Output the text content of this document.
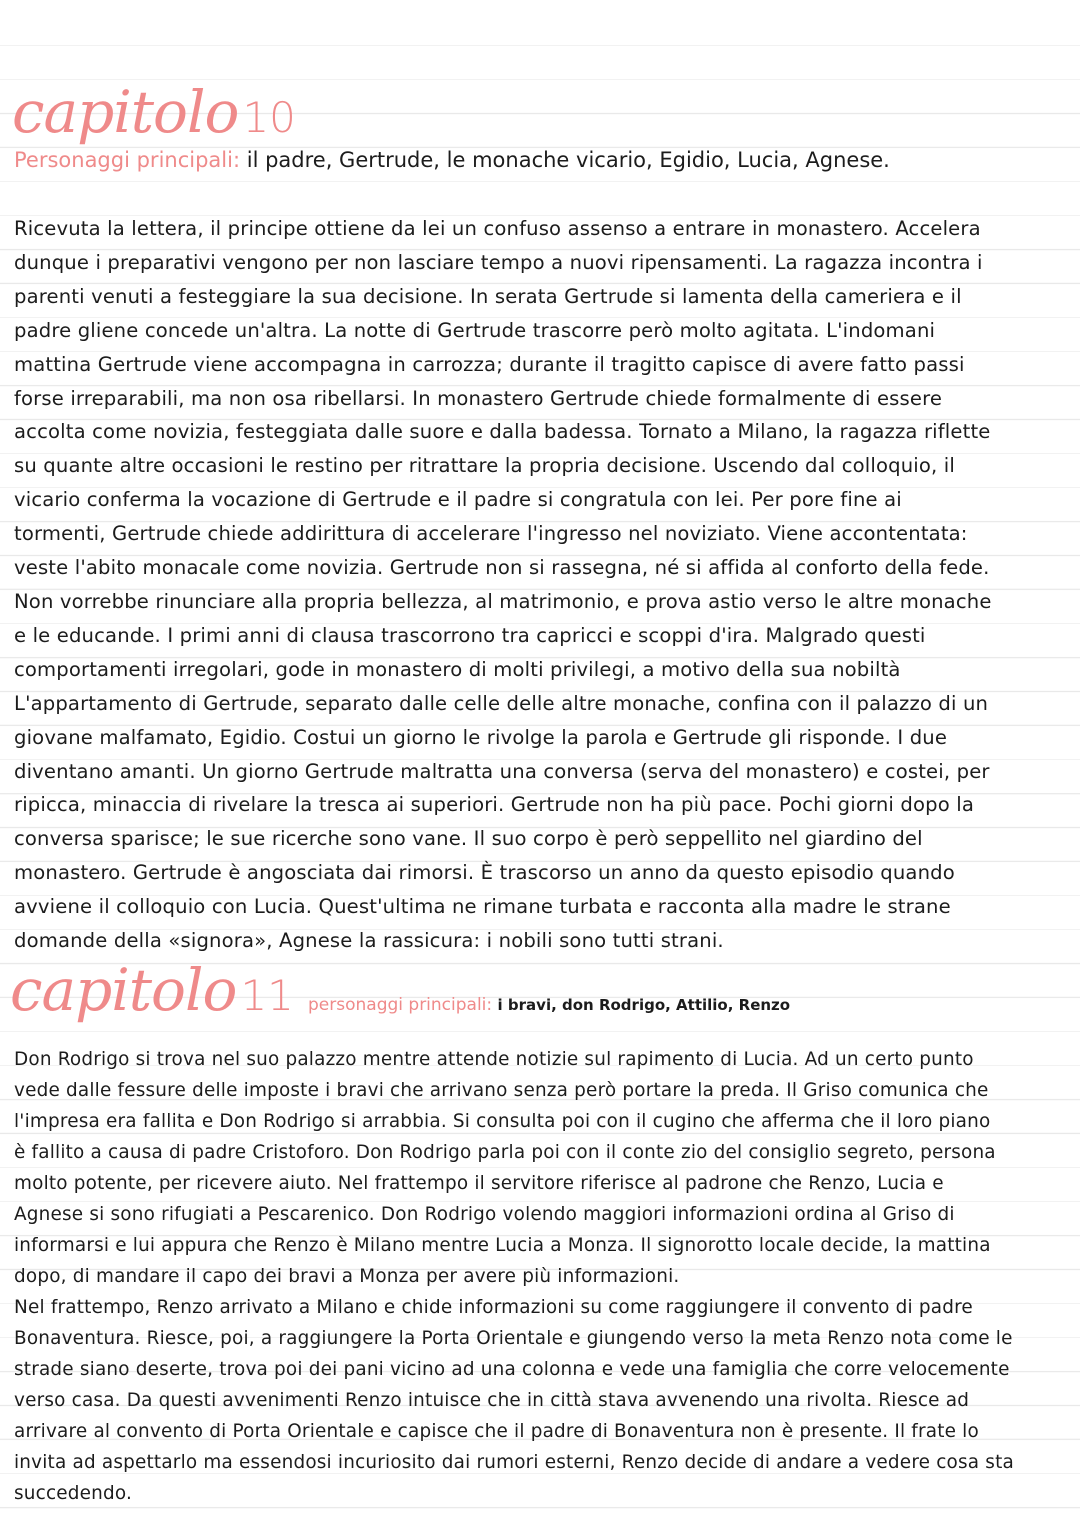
capitolo10
Personaggi principali: il padre, Gertrude, le monache vicario, Egidio, Lucia, Agnese.
Ricevuta la lettera, il principe ottiene da lei un confuso assenso a entrare in monastero. Accelera
dunque i preparativi vengono per non lasciare tempo a nuovi ripensamenti. La ragazza incontra i
parenti venuti a festeggiare la sua decisione. In serata Gertrude si lamenta della cameriera e il
padre gliene concede un'altra. La notte di Gertrude trascorre però molto agitata. L'indomani
mattina Gertrude viene accompagna in carrozza; durante il tragitto capisce di avere fatto passi
forse irreparabili, ma non osa ribellarsi. In monastero Gertrude chiede formalmente di essere
accolta come novizia, festeggiata dalle suore e dalla badessa. Tornato a Milano, la ragazza riflette
su quante altre occasioni le restino per ritrattare la propria decisione. Uscendo dal colloquio, il
vicario conferma la vocazione di Gertrude e il padre si congratula con lei. Per pore fine ai
tormenti, Gertrude chiede addirittura di accelerare l'ingresso nel noviziato. Viene accontentata:
veste l'abito monacale come novizia. Gertrude non si rassegna, né si affida al conforto della fede.
Non vorrebbe rinunciare alla propria bellezza, al matrimonio, e prova astio verso le altre monache
e le educande. I primi anni di clausa trascorrono tra capricci e scoppi d'ira. Malgrado questi
comportamenti irregolari, gode in monastero di molti privilegi, a motivo della sua nobiltà
L'appartamento di Gertrude, separato dalle celle delle altre monache, confina con il palazzo di un
giovane malfamato, Egidio. Costui un giorno le rivolge la parola e Gertrude gli risponde. I due
diventano amanti. Un giorno Gertrude maltratta una conversa (serva del monastero) e costei, per
ripicca, minaccia di rivelare la tresca ai superiori. Gertrude non ha più pace. Pochi giorni dopo la
conversa sparisce; le sue ricerche sono vane. Il suo corpo è però seppellito nel giardino del
monastero. Gertrude è angosciata dai rimorsi. È trascorso un anno da questo episodio quando
avviene il colloquio con Lucia. Quest'ultima ne rimane turbata e racconta alla madre le strane
domande della «signora», Agnese la rassicura: i nobili sono tutti strani.
capitolo11 personaggi principali: i bravi, don Rodrigo, Attilio, Renzo
Don Rodrigo si trova nel suo palazzo mentre attende notizie sul rapimento di Lucia. Ad un certo punto
vede dalle fessure delle imposte i bravi che arrivano senza però portare la preda. Il Griso comunica che
l'impresa era fallita e Don Rodrigo si arrabbia. Si consulta poi con il cugino che afferma che il loro piano
è fallito a causa di padre Cristoforo. Don Rodrigo parla poi con il conte zio del consiglio segreto, persona
molto potente, per ricevere aiuto. Nel frattempo il servitore riferisce al padrone che Renzo, Lucia e
Agnese si sono rifugiati a Pescarenico. Don Rodrigo volendo maggiori informazioni ordina al Griso di
informarsi e lui appura che Renzo è Milano mentre Lucia a Monza. Il signorotto locale decide, la mattina
dopo, di mandare il capo dei bravi a Monza per avere più informazioni.
Nel frattempo, Renzo arrivato a Milano e chide informazioni su come raggiungere il convento di padre
Bonaventura. Riesce, poi, a raggiungere la Porta Orientale e giungendo verso la meta Renzo nota come le
strade siano deserte, trova poi dei pani vicino ad una colonna e vede una famiglia che corre velocemente
verso casa. Da questi avvenimenti Renzo intuisce che in città stava avvenendo una rivolta. Riesce ad
arrivare al convento di Porta Orientale e capisce che il padre di Bonaventura non è presente. Il frate lo
invita ad aspettarlo ma essendosi incuriosito dai rumori esterni, Renzo decide di andare a vedere cosa sta
succedendo.
